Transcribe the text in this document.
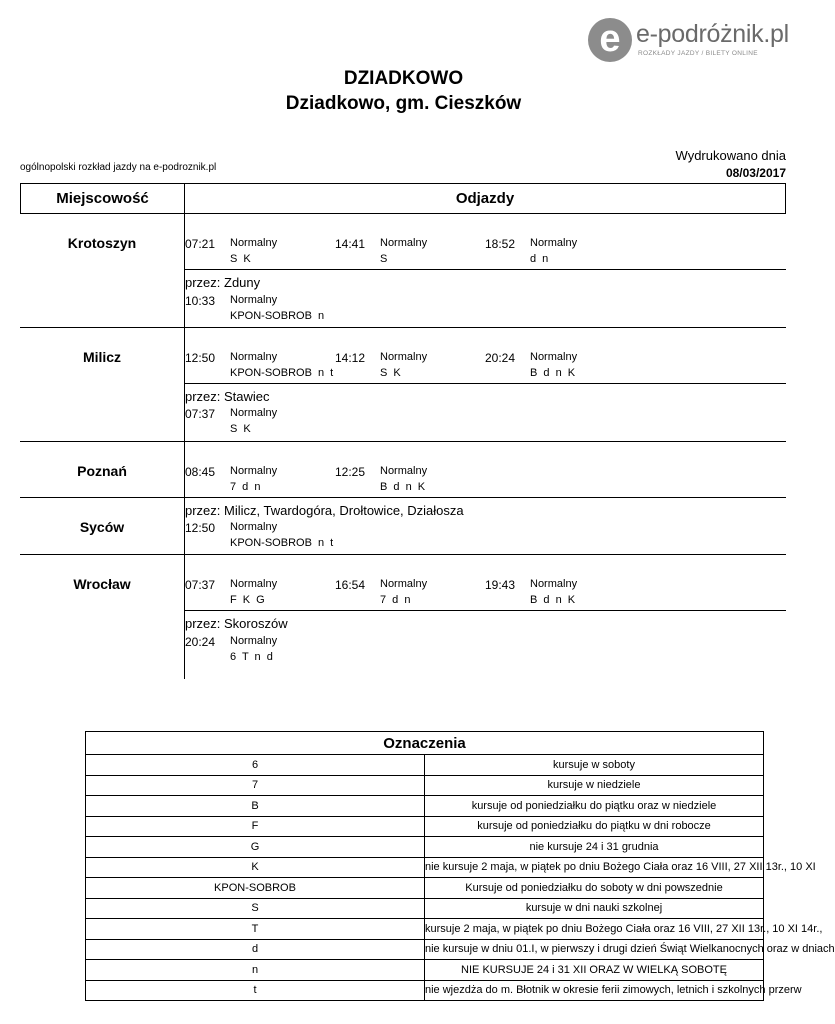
e e-podróżnik.pl
ROZKŁADY JAZDY / BILETY ONLINE
DZIADKOWO
Dziadkowo, gm. Cieszków
ogólnopolski rozkład jazdy na e-podroznik.pl
Wydrukowano dnia
08/03/2017
Miejscowość	Odjazdy
Krotoszyn	07:21 Normalny
S K
14:41 Normalny
S
18:52 Normalny
d n
przez: Zduny
10:33 Normalny
KPON-SOBROB n
Milicz	12:50 Normalny
KPON-SOBROB n t
14:12 Normalny
S K
20:24 Normalny
B d n K
przez: Stawiec
07:37 Normalny
S K
Poznań	08:45 Normalny
7 d n
12:25 Normalny
B d n K
przez: Milicz, Twardogóra, Drołtowice, Działosza
Syców	12:50 Normalny
KPON-SOBROB n t
Wrocław	07:37 Normalny
F K G
16:54 Normalny
7 d n
19:43 Normalny
B d n K
przez: Skoroszów
20:24 Normalny
6 T n d
Oznaczenia	
6	kursuje w soboty
7	kursuje w niedziele
B	kursuje od poniedziałku do piątku oraz w niedziele
F	kursuje od poniedziałku do piątku w dni robocze
G	nie kursuje 24 i 31 grudnia
K	nie kursuje 2 maja, w piątek po dniu Bożego Ciała oraz 16 VIII, 27 XII 13r., 10 XI
KPON-SOBROB	Kursuje od poniedziałku do soboty w dni powszednie
S	kursuje w dni nauki szkolnej
T	kursuje 2 maja, w piątek po dniu Bożego Ciała oraz 16 VIII, 27 XII 13r., 10 XI 14r.,
d	nie kursuje w dniu 01.I, w pierwszy i drugi dzień Świąt Wielkanocnych oraz w dniach
n	NIE KURSUJE 24 i 31 XII ORAZ W WIELKĄ SOBOTĘ
t	nie wjezdża do m. Błotnik w okresie ferii zimowych, letnich i szkolnych przerw
